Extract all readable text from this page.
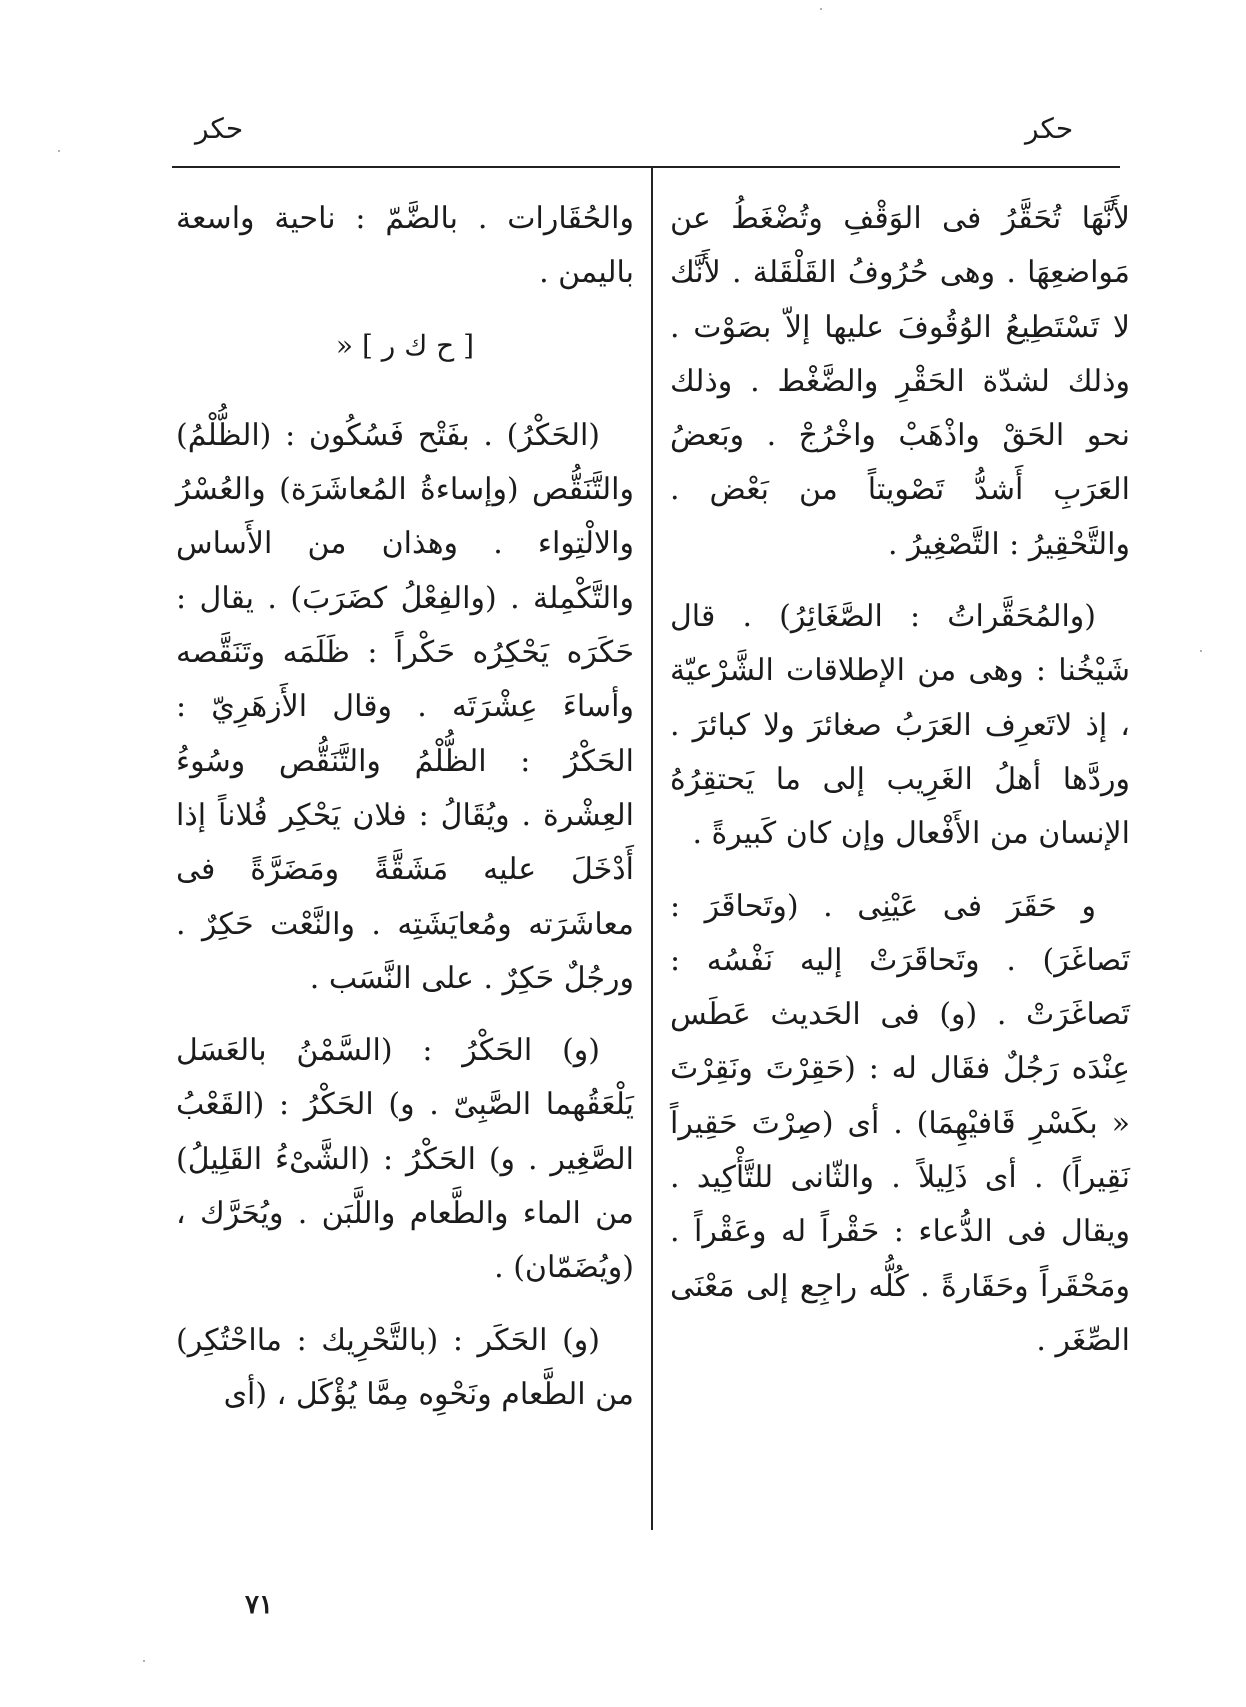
حكر
حكر

لأَنَّهَا تُحَقَّرُ فى الوَقْفِ وتُضْغَطُ عن مَواضعِهَا . وهى حُرُوفُ القَلْقَلة . لأَنَّك لا تَسْتَطِيعُ الوُقُوفَ عليها إلاّ بصَوْت . وذلك لشدّة الحَقْرِ والضَّغْط . وذلك نحو الحَقْ واذْهَبْ واخْرُجْ . وبَعضُ العَرَبِ أَشدُّ تَصْويتاً من بَعْض . والتَّحْقِيرُ : التَّصْغِيرُ .

(والمُحَقَّراتُ : الصَّغَائِرُ) . قال شَيْخُنا : وهى من الإطلاقات الشَّرْعيّة ، إذ لاتَعرِف العَرَبُ صغائرَ ولا كبائرَ . وردَّها أهلُ الغَرِيب إلى ما يَحتقِرُهُ الإنسان من الأَفْعال وإن كان كَبيرةً .

و حَقَرَ فى عَيْنِى . (وتَحاقَرَ : تَصاغَرَ) . وتَحاقَرَتْ إليه نَفْسُه : تَصاغَرَتْ . (و) فى الحَديث عَطَس عِنْدَه رَجُلٌ فقَال له : (حَقِرْتَ ونَقِرْتَ « بكَسْرِ قَافيْهِمَا) . أى (صِرْتَ حَقِيراً نَقِيراً) . أى ذَلِيلاً . والثّانى للتَّأْكِيد . ويقال فى الدُّعاء : حَقْراً له وعَقْراً . ومَحْقَراً وحَقَارةً . كُلُّه راجِع إلى مَعْنَى الصِّغَر .

والحُقَارات . بالضَّمّ : ناحية واسعة باليمن .

[ ح ك ر ] «

(الحَكْرُ) . بفَتْح فَسُكُون : (الظُّلْمُ) والتَّنَقُّص (وإساءةُ المُعاشَرَة) والعُسْرُ والالْتِواء . وهذان من الأَساس والتَّكْمِلة . (والفِعْلُ كضَرَبَ) . يقال : حَكَرَه يَحْكِرُه حَكْراً : ظَلَمَه وتَنَقَّصه وأساءَ عِشْرَتَه . وقال الأَزهَرِيّ : الحَكْرُ : الظُّلْمُ والتَّنَقُّص وسُوءُ العِشْرة . ويُقَالُ : فلان يَحْكِر فُلاناً إذا أَدْخَلَ عليه مَشَقَّةً ومَضَرَّةً فى معاشَرَته ومُعايَشَتِه . والنَّعْت حَكِرٌ . ورجُلٌ حَكِرٌ . على النَّسَب .

(و) الحَكْرُ : (السَّمْنُ بالعَسَل يَلْعَقُهما الصَّبِىّ . و) الحَكْرُ : (القَعْبُ الصَّغِير . و) الحَكْرُ : (الشَّىْءُ القَلِيلُ) من الماء والطَّعام واللَّبَن . ويُحَرَّك ، (ويُضَمّان) .

(و) الحَكَر : (بالتَّحْرِيك : مااحْتُكِر) من الطَّعام ونَحْوِه مِمَّا يُؤْكَل ، (أى

٧١
